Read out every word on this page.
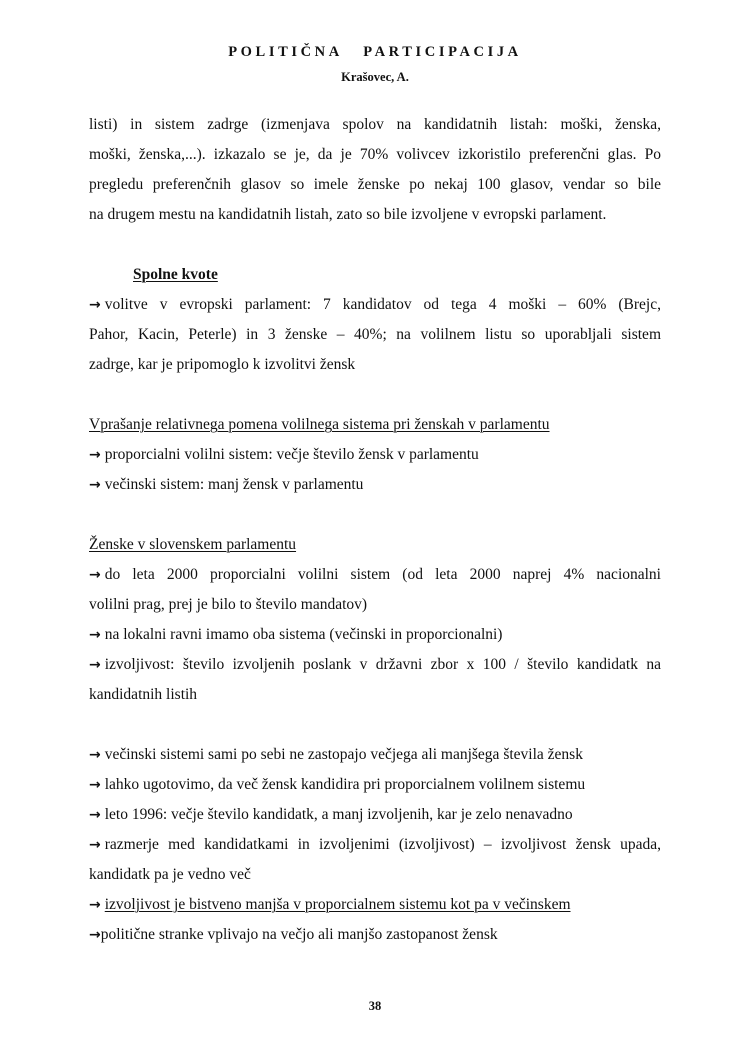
POLITIČNA PARTICIPACIJA
Krašovec, A.
listi) in sistem zadrge (izmenjava spolov na kandidatnih listah: moški, ženska,
moški, ženska,...). izkazalo se je, da je 70% volivcev izkoristilo preferenčni glas. Po
pregledu preferenčnih glasov so imele ženske po nekaj 100 glasov, vendar so bile
na drugem mestu na kandidatnih listah, zato so bile izvoljene v evropski parlament.
Spolne kvote
→ volitve v evropski parlament: 7 kandidatov od tega 4 moški – 60% (Brejc,
Pahor, Kacin, Peterle) in 3 ženske – 40%; na volilnem listu so uporabljali sistem
zadrge, kar je pripomoglo k izvolitvi žensk
Vprašanje relativnega pomena volilnega sistema pri ženskah v parlamentu
→ proporcialni volilni sistem: večje število žensk v parlamentu
→ večinski sistem: manj žensk v parlamentu
Ženske v slovenskem parlamentu
→ do leta 2000 proporcialni volilni sistem (od leta 2000 naprej 4% nacionalni
volilni prag, prej je bilo to število mandatov)
→ na lokalni ravni imamo oba sistema (večinski in proporcionalni)
→ izvoljivost: število izvoljenih poslank v državni zbor x 100 / število kandidatk na
kandidatnih listih
→ večinski sistemi sami po sebi ne zastopajo večjega ali manjšega števila žensk
→ lahko ugotovimo, da več žensk kandidira pri proporcialnem volilnem sistemu
→ leto 1996: večje število kandidatk, a manj izvoljenih, kar je zelo nenavadno
→ razmerje med kandidatkami in izvoljenimi (izvoljivost) – izvoljivost žensk upada,
kandidatk pa je vedno več
→ izvoljivost je bistveno manjša v proporcialnem sistemu kot pa v večinskem
→politične stranke vplivajo na večjo ali manjšo zastopanost žensk
38
